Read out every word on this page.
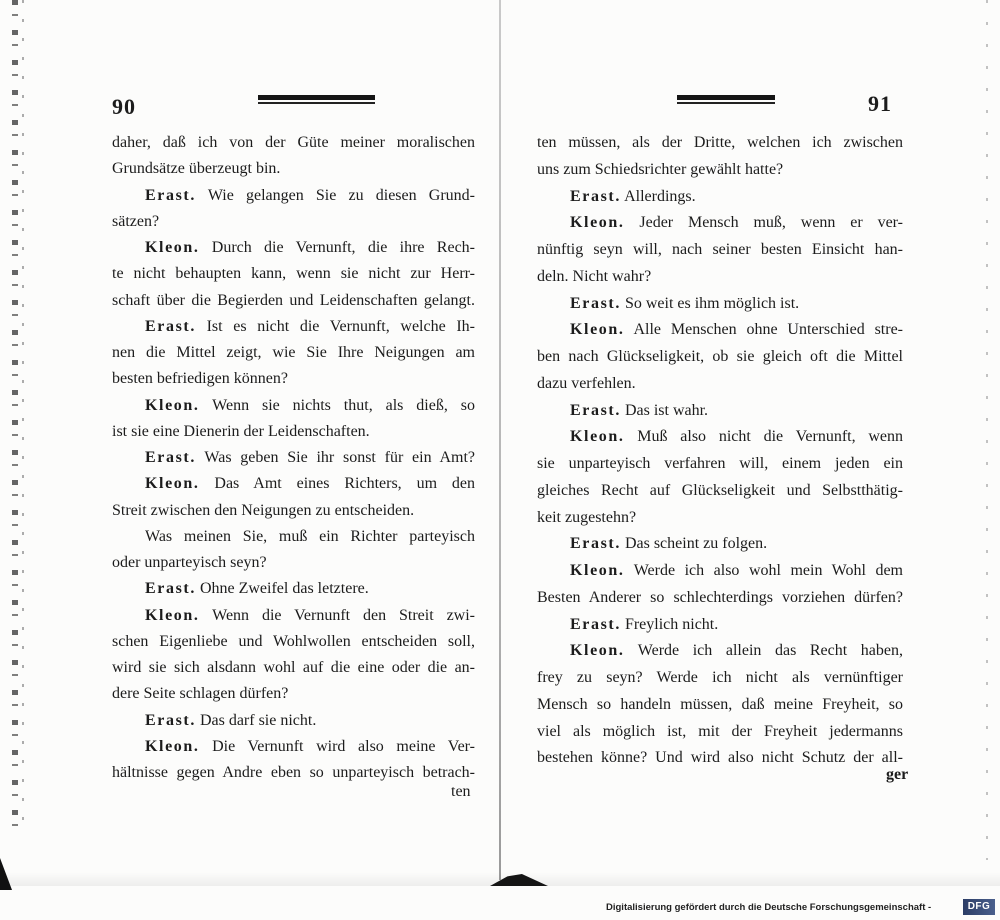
90
daher, daß ich von der Güte meiner moralischen
Grundsätze überzeugt bin.
Erast. Wie gelangen Sie zu diesen Grund-
sätzen?
Kleon. Durch die Vernunft, die ihre Rech-
te nicht behaupten kann, wenn sie nicht zur Herr-
schaft über die Begierden und Leidenschaften gelangt.
Erast. Ist es nicht die Vernunft, welche Ih-
nen die Mittel zeigt, wie Sie Ihre Neigungen am
besten befriedigen können?
Kleon. Wenn sie nichts thut, als dieß, so
ist sie eine Dienerin der Leidenschaften.
Erast. Was geben Sie ihr sonst für ein Amt?
Kleon. Das Amt eines Richters, um den
Streit zwischen den Neigungen zu entscheiden.
Was meinen Sie, muß ein Richter parteyisch
oder unparteyisch seyn?
Erast. Ohne Zweifel das letztere.
Kleon. Wenn die Vernunft den Streit zwi-
schen Eigenliebe und Wohlwollen entscheiden soll,
wird sie sich alsdann wohl auf die eine oder die an-
dere Seite schlagen dürfen?
Erast. Das darf sie nicht.
Kleon. Die Vernunft wird also meine Ver-
hältnisse gegen Andre eben so unparteyisch betrach-
ten
91
ten müssen, als der Dritte, welchen ich zwischen
uns zum Schiedsrichter gewählt hatte?
Erast. Allerdings.
Kleon. Jeder Mensch muß, wenn er ver-
nünftig seyn will, nach seiner besten Einsicht han-
deln. Nicht wahr?
Erast. So weit es ihm möglich ist.
Kleon. Alle Menschen ohne Unterschied stre-
ben nach Glückseligkeit, ob sie gleich oft die Mittel
dazu verfehlen.
Erast. Das ist wahr.
Kleon. Muß also nicht die Vernunft, wenn
sie unparteyisch verfahren will, einem jeden ein
gleiches Recht auf Glückseligkeit und Selbstthätig-
keit zugestehn?
Erast. Das scheint zu folgen.
Kleon. Werde ich also wohl mein Wohl dem
Besten Anderer so schlechterdings vorziehen dürfen?
Erast. Freylich nicht.
Kleon. Werde ich allein das Recht haben,
frey zu seyn? Werde ich nicht als vernünftiger
Mensch so handeln müssen, daß meine Freyheit, so
viel als möglich ist, mit der Freyheit jedermanns
bestehen könne? Und wird also nicht Schutz der all-
ger
Digitalisierung gefördert durch die Deutsche Forschungsgemeinschaft -	DFG
